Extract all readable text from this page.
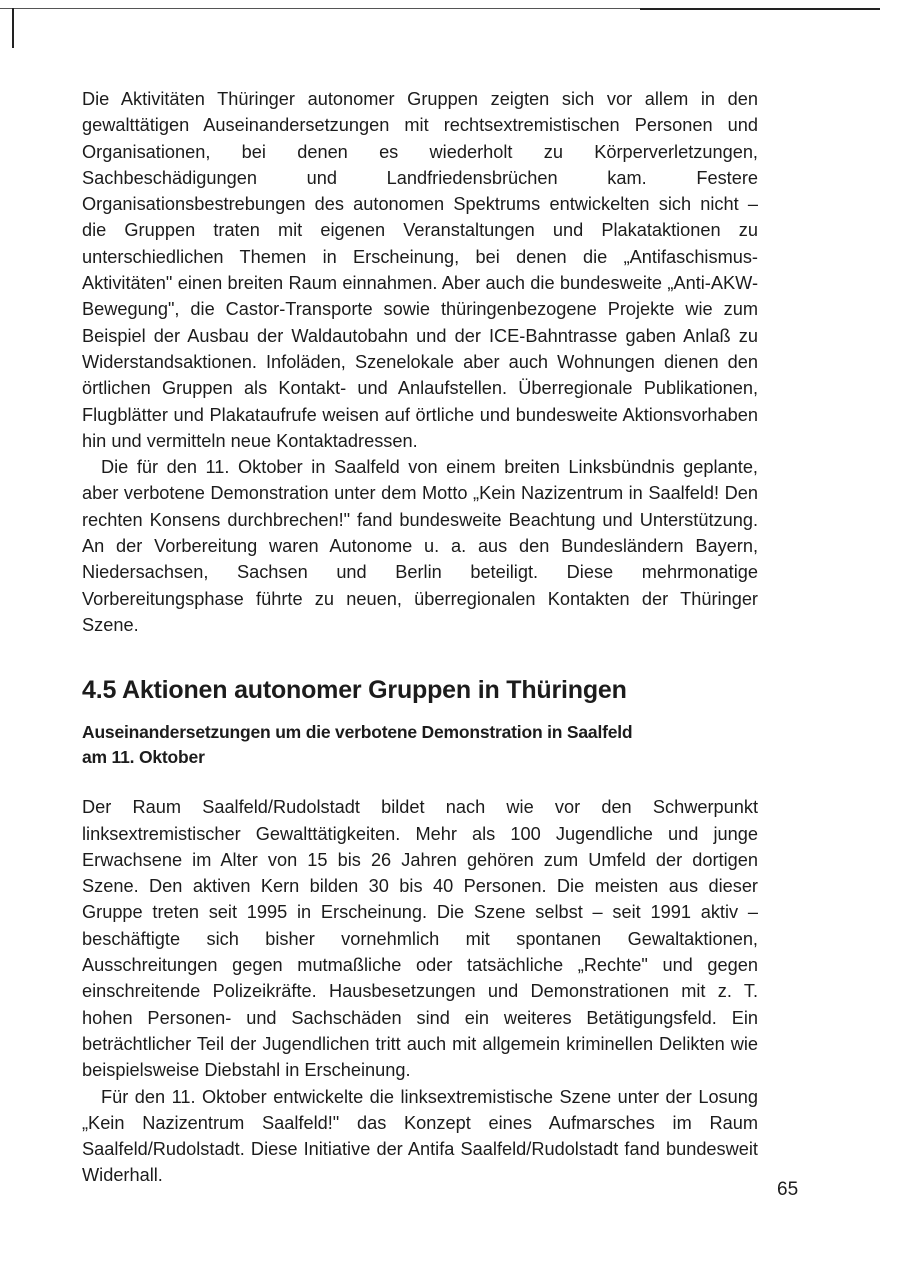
Die Aktivitäten Thüringer autonomer Gruppen zeigten sich vor allem in den gewalttätigen Auseinandersetzungen mit rechtsextremistischen Personen und Organisationen, bei denen es wiederholt zu Körperverletzungen, Sachbeschädigungen und Landfriedensbrüchen kam. Festere Organisationsbestrebungen des autonomen Spektrums entwickelten sich nicht – die Gruppen traten mit eigenen Veranstaltungen und Plakataktionen zu unterschiedlichen Themen in Erscheinung, bei denen die „Antifaschismus-Aktivitäten" einen breiten Raum einnahmen. Aber auch die bundesweite „Anti-AKW-Bewegung", die Castor-Transporte sowie thüringenbezogene Projekte wie zum Beispiel der Ausbau der Waldautobahn und der ICE-Bahntrasse gaben Anlaß zu Widerstandsaktionen. Infoläden, Szenelokale aber auch Wohnungen dienen den örtlichen Gruppen als Kontakt- und Anlaufstellen. Überregionale Publikationen, Flugblätter und Plakataufrufe weisen auf örtliche und bundesweite Aktionsvorhaben hin und vermitteln neue Kontaktadressen.

Die für den 11. Oktober in Saalfeld von einem breiten Linksbündnis geplante, aber verbotene Demonstration unter dem Motto „Kein Nazizentrum in Saalfeld! Den rechten Konsens durchbrechen!" fand bundesweite Beachtung und Unterstützung. An der Vorbereitung waren Autonome u. a. aus den Bundesländern Bayern, Niedersachsen, Sachsen und Berlin beteiligt. Diese mehrmonatige Vorbereitungsphase führte zu neuen, überregionalen Kontakten der Thüringer Szene.

4.5 Aktionen autonomer Gruppen in Thüringen
Auseinandersetzungen um die verbotene Demonstration in Saalfeld
am 11. Oktober

Der Raum Saalfeld/Rudolstadt bildet nach wie vor den Schwerpunkt linksextremistischer Gewalttätigkeiten. Mehr als 100 Jugendliche und junge Erwachsene im Alter von 15 bis 26 Jahren gehören zum Umfeld der dortigen Szene. Den aktiven Kern bilden 30 bis 40 Personen. Die meisten aus dieser Gruppe treten seit 1995 in Erscheinung. Die Szene selbst – seit 1991 aktiv – beschäftigte sich bisher vornehmlich mit spontanen Gewaltaktionen, Ausschreitungen gegen mutmaßliche oder tatsächliche „Rechte" und gegen einschreitende Polizeikräfte. Hausbesetzungen und Demonstrationen mit z. T. hohen Personen- und Sachschäden sind ein weiteres Betätigungsfeld. Ein beträchtlicher Teil der Jugendlichen tritt auch mit allgemein kriminellen Delikten wie beispielsweise Diebstahl in Erscheinung.

Für den 11. Oktober entwickelte die linksextremistische Szene unter der Losung „Kein Nazizentrum Saalfeld!" das Konzept eines Aufmarsches im Raum Saalfeld/Rudolstadt. Diese Initiative der Antifa Saalfeld/Rudolstadt fand bundesweit Widerhall.

65
